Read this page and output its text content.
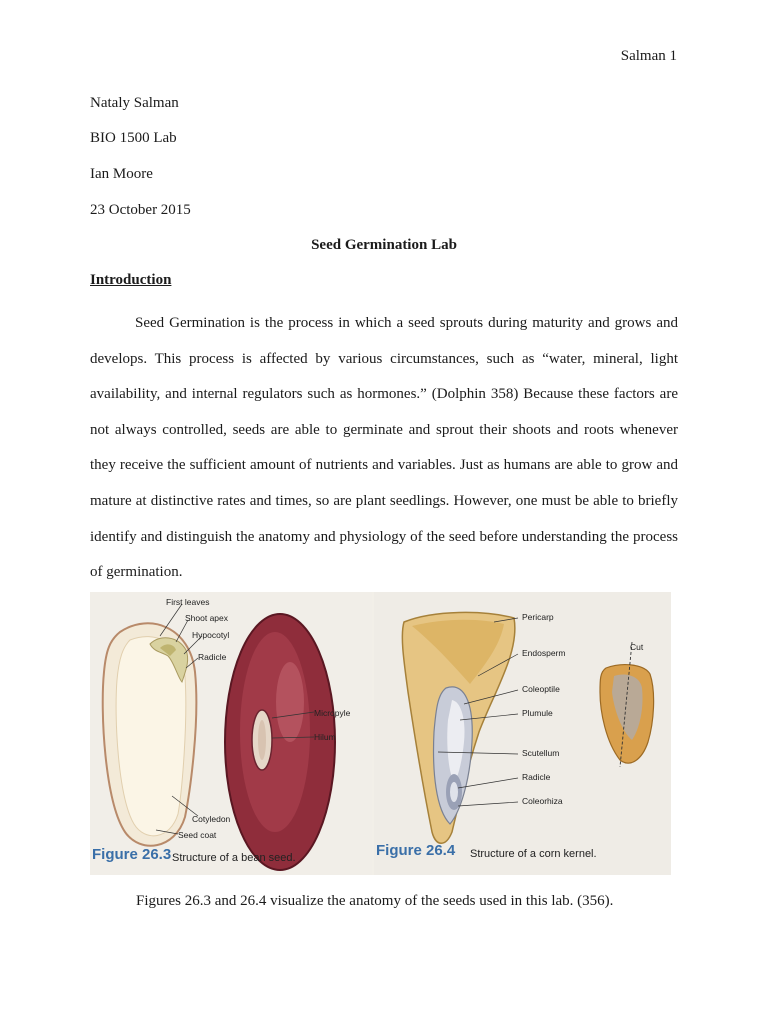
Salman 1
Nataly Salman
BIO 1500 Lab
Ian Moore
23 October 2015
Seed Germination Lab
Introduction

Seed Germination is the process in which a seed sprouts during maturity and grows and develops. This process is affected by various circumstances, such as “water, mineral, light availability, and internal regulators such as hormones.” (Dolphin 358) Because these factors are not always controlled, seeds are able to germinate and sprout their shoots and roots whenever they receive the sufficient amount of nutrients and variables. Just as humans are able to grow and mature at distinctive rates and times, so are plant seedlings. However, one must be able to briefly identify and distinguish the anatomy and physiology of the seed before understanding the process of germination.

First leaves
Shoot apex
Hypocotyl
Radicle
Micropyle
Hilum
Cotyledon
Seed coat
Figure 26.3 Structure of a bean seed.
Pericarp
Endosperm
Cut
Coleoptile
Plumule
Scutellum
Radicle
Coleorhiza
Figure 26.4 Structure of a corn kernel.
Figures 26.3 and 26.4 visualize the anatomy of the seeds used in this lab. (356).
